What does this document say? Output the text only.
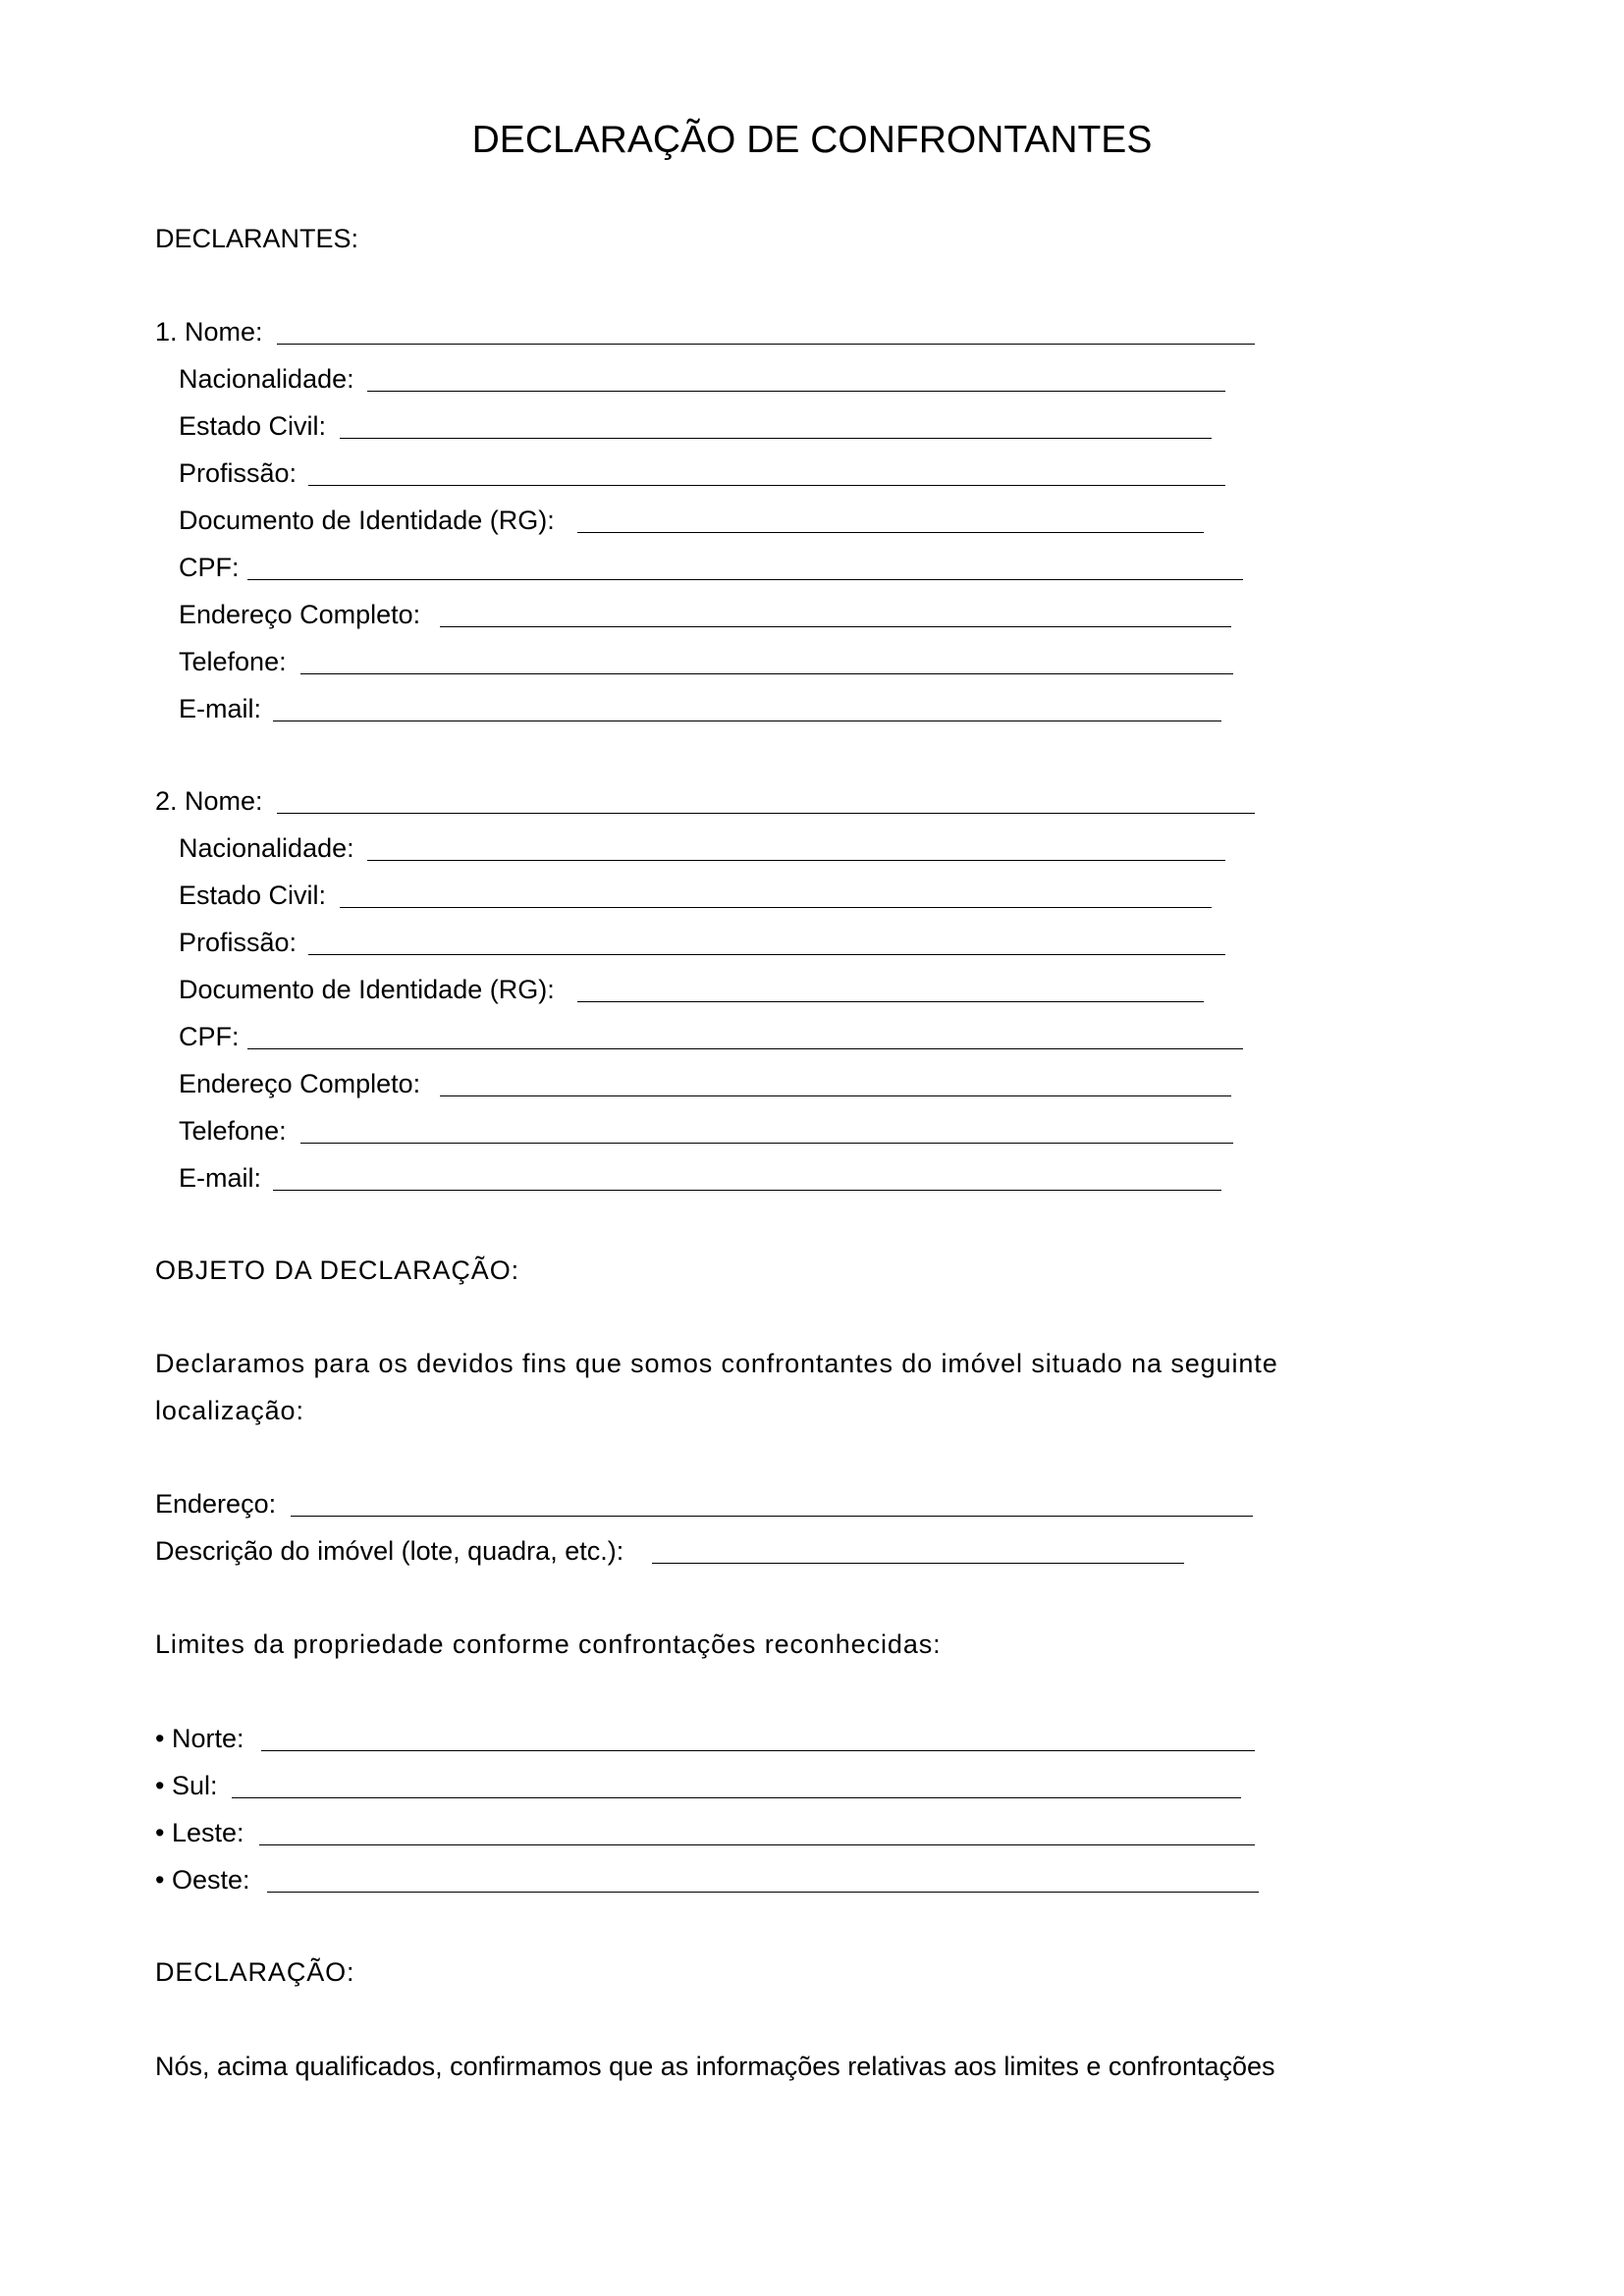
DECLARAÇÃO DE CONFRONTANTES
DECLARANTES:
1. Nome:
Nacionalidade:
Estado Civil:
Profissão:
Documento de Identidade (RG):
CPF:
Endereço Completo:
Telefone:
E-mail:
2. Nome:
Nacionalidade:
Estado Civil:
Profissão:
Documento de Identidade (RG):
CPF:
Endereço Completo:
Telefone:
E-mail:
OBJETO DA DECLARAÇÃO:
Declaramos para os devidos fins que somos confrontantes do imóvel situado na seguinte
localização:
Endereço:
Descrição do imóvel (lote, quadra, etc.):
Limites da propriedade conforme confrontações reconhecidas:
• Norte:
• Sul:
• Leste:
• Oeste:
DECLARAÇÃO:
Nós, acima qualificados, confirmamos que as informações relativas aos limites e confrontações
